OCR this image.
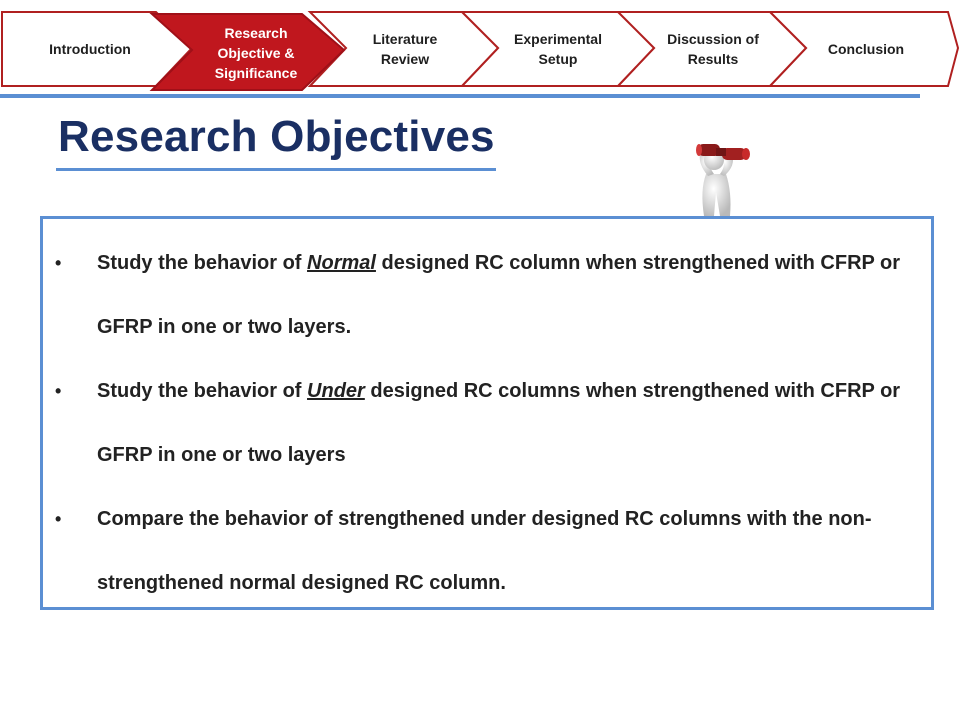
Introduction
Research
Objective &
Significance
Literature
Review
Experimental
Setup
Discussion of
Results
Conclusion
Research Objectives
• Study the behavior of Normal designed RC column when strengthened with CFRP or GFRP in one or two layers.
• Study the behavior of Under designed RC columns when strengthened with CFRP or GFRP in one or two layers
• Compare the behavior of strengthened under designed RC columns with the non-strengthened normal designed RC column.
